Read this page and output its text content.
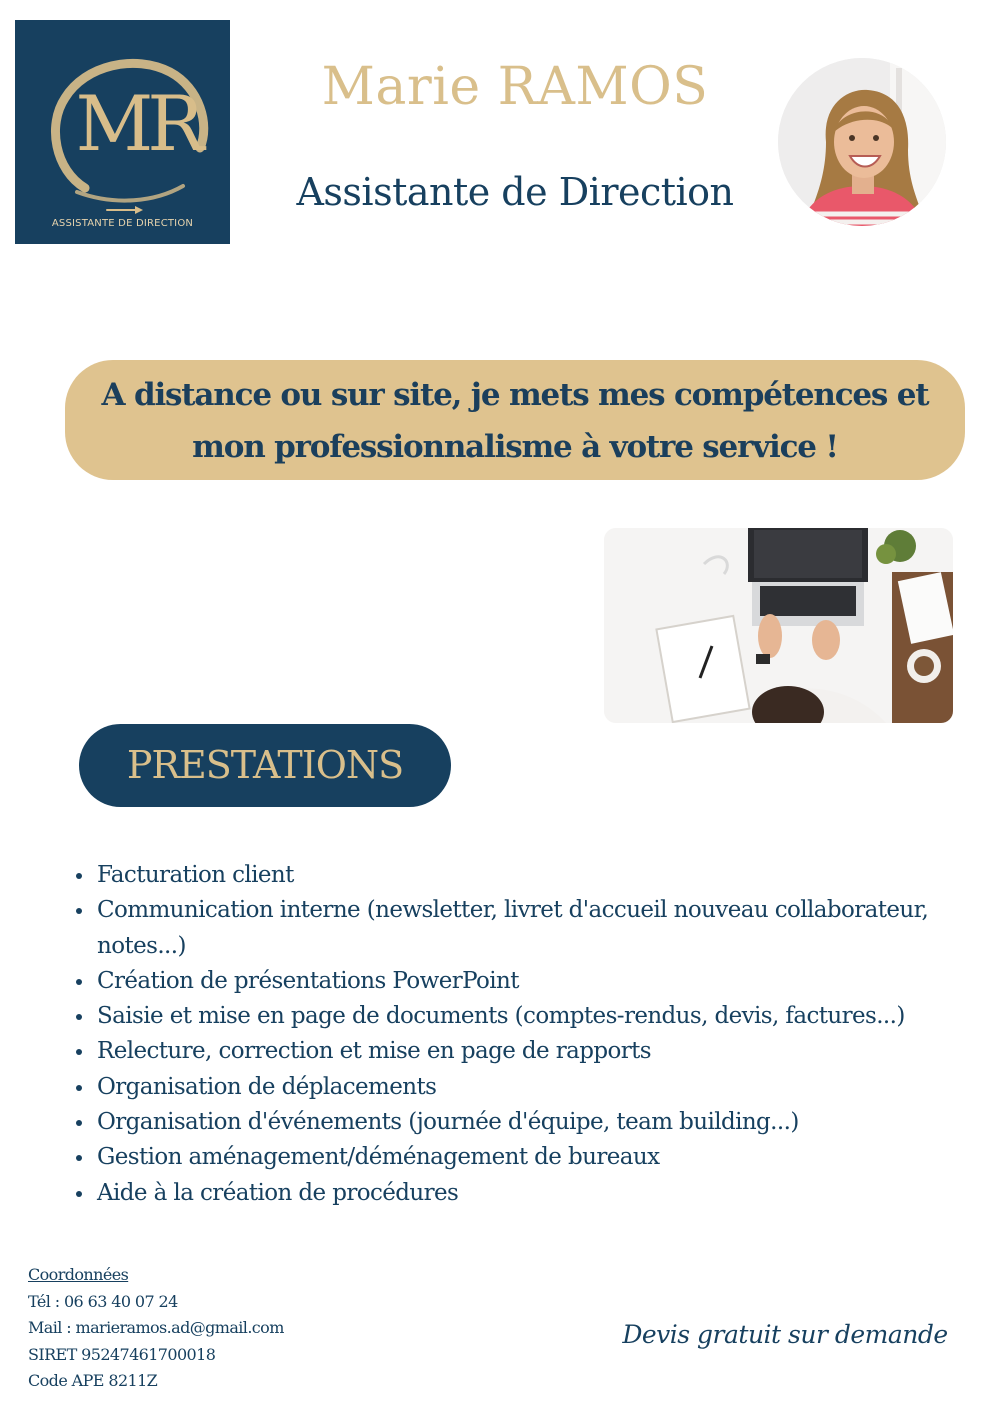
MR
ASSISTANTE DE DIRECTION
Marie RAMOS
Assistante de Direction
A distance ou sur site, je mets mes compétences et
mon professionnalisme à votre service !
PRESTATIONS
Facturation client
Communication interne (newsletter, livret d'accueil nouveau collaborateur, notes...)
Création de présentations PowerPoint
Saisie et mise en page de documents (comptes-rendus, devis, factures...)
Relecture, correction et mise en page de rapports
Organisation de déplacements
Organisation d'événements (journée d'équipe, team building...)
Gestion aménagement/déménagement de bureaux
Aide à la création de procédures
Coordonnées
Tél : 06 63 40 07 24
Mail : marieramos.ad@gmail.com
SIRET 95247461700018
Code APE 8211Z
Devis gratuit sur demande
